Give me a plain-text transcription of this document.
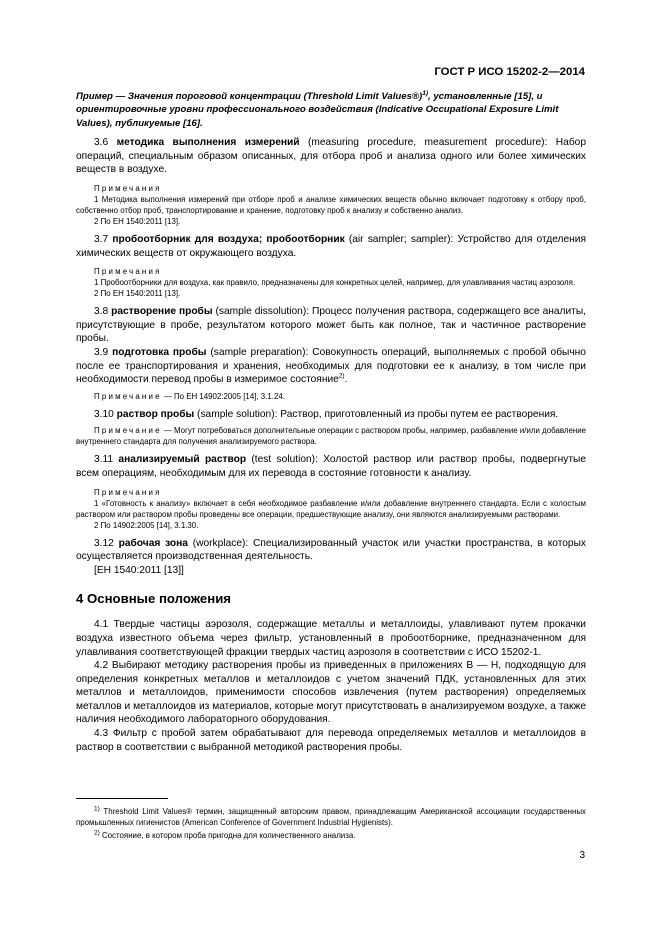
ГОСТ Р ИСО 15202-2—2014

Пример — Значения пороговой концентрации (Threshold Limit Values®)$^{1)}$, установленные [15], и ориентировочные уровни профессионального воздействия (Indicative Occupational Exposure Limit Values), публикуемые [16].

3.6 методика выполнения измерений (measuring procedure, measurement procedure): Набор операций, специальным образом описанных, для отбора проб и анализа одного или более химических веществ в воздухе.

Примечания

1 Методика выполнения измерений при отборе проб и анализе химических веществ обычно включает подготовку к отбору проб, собственно отбор проб, транспортирование и хранение, подготовку проб к анализу и собственно анализ.

2 По ЕН 1540:2011 [13].

3.7 пробоотборник для воздуха; пробоотборник (air sampler; sampler): Устройство для отделения химических веществ от окружающего воздуха.

Примечания

1 Пробоотборники для воздуха, как правило, предназначены для конкретных целей, например, для улавливания частиц аэрозоля.

2 По ЕН 1540:2011 [13].

3.8 растворение пробы (sample dissolution): Процесс получения раствора, содержащего все аналиты, присутствующие в пробе, результатом которого может быть как полное, так и частичное растворение пробы.

3.9 подготовка пробы (sample preparation): Совокупность операций, выполняемых с пробой обычно после ее транспортирования и хранения, необходимых для подготовки ее к анализу, в том числе при необходимости перевод пробы в измеримое состояние$^{2)}$.

Примечание — По ЕН 14902:2005 [14], 3.1.24.

3.10 раствор пробы (sample solution): Раствор, приготовленный из пробы путем ее растворения.

Примечание — Могут потребоваться дополнительные операции с раствором пробы, например, разбавление и/или добавление внутреннего стандарта для получения анализируемого раствора.

3.11 анализируемый раствор (test solution): Холостой раствор или раствор пробы, подвергнутые всем операциям, необходимым для их перевода в состояние готовности к анализу.

Примечания

1 «Готовность к анализу» включает в себя необходимое разбавление и/или добавление внутреннего стандарта. Если с холостым раствором или раствором пробы проведены все операции, предшествующие анализу, они являются анализируемыми растворами.

2 По 14902:2005 [14], 3.1.30.

3.12 рабочая зона (workplace): Специализированный участок или участки пространства, в которых осуществляется производственная деятельность.

[ЕН 1540:2011 [13]]

4 Основные положения

4.1 Твердые частицы аэрозоля, содержащие металлы и металлоиды, улавливают путем прокачки воздуха известного объема через фильтр, установленный в пробоотборнике, предназначенном для улавливания соответствующей фракции твердых частиц аэрозоля в соответствии с ИСО 15202-1.

4.2 Выбирают методику растворения пробы из приведенных в приложениях В — Н, подходящую для определения конкретных металлов и металлоидов с учетом значений ПДК, установленных для этих металлов и металлоидов, применимости способов извлечения (путем растворения) определяемых металлов и металлоидов из материалов, которые могут присутствовать в анализируемом воздухе, а также наличия необходимого лабораторного оборудования.

4.3 Фильтр с пробой затем обрабатывают для перевода определяемых металлов и металлоидов в раствор в соответствии с выбранной методикой растворения пробы.

$^{1)}$ Threshold Limit Values® термин, защищенный авторским правом, принадлежащим Американской ассоциации государственных промышленных гигиенистов (American Conference of Government Industrial Hygienists).

$^{2)}$ Состояние, в котором проба пригодна для количественного анализа.

3
